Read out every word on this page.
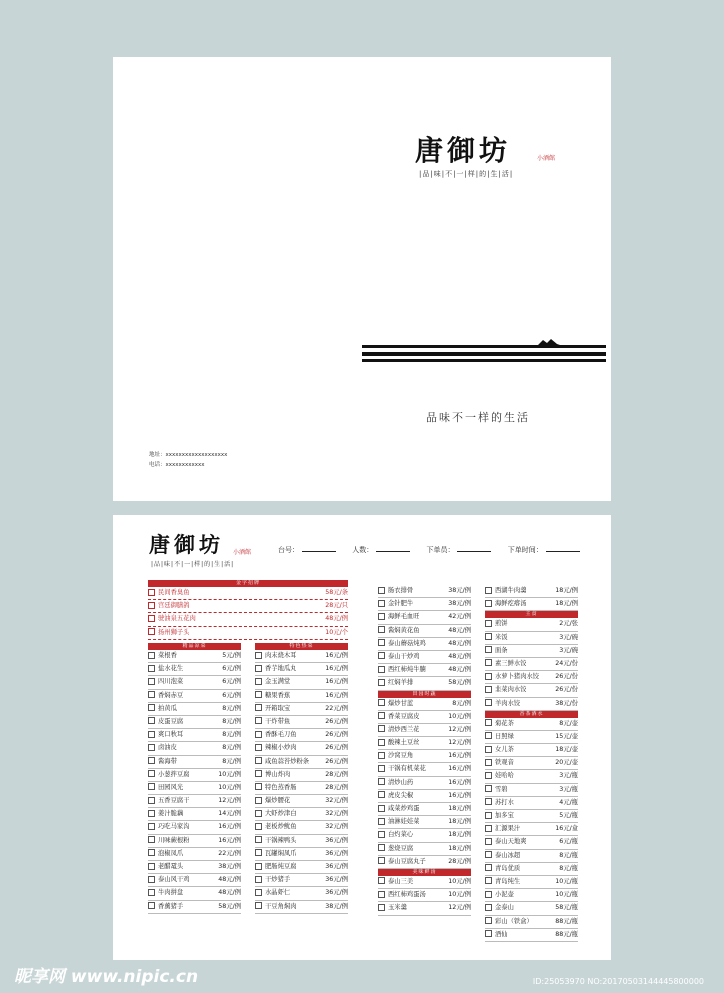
唐御坊	小酒館
|品|味|不|一|样|的|生|活|
品味不一样的生活
地址：xxxxxxxxxxxxxxxxxxx
电话：xxxxxxxxxxxx
唐御坊 小酒館
|品|味|不|一|样|的|生|活|
台号：	人数：	下单员：	下单时间：
金字招牌
民间香臭鱼	58元/条
宫廷御膳鸽	28元/只
驶油泉五花肉	48元/例
扬州狮子头	10元/个
精品凉菜
菜根香	5元/例
盐水花生	6元/例
四川泡菜	6元/例
香焖赤豆	6元/例
拍黄瓜	8元/例
皮蛋豆腐	8元/例
爽口秋耳	8元/例
卤油皮	8元/例
酱海带	8元/例
小葱拌豆腐	10元/例
田园风光	10元/例
五香豆腐干	12元/例
姜汁脆藕	14元/例
巧吃马家沟	16元/例
川味蕨根粉	16元/例
泡椒凤爪	22元/例
老醋鼋头	38元/例
泰山风干鸡	48元/例
牛肉拼盘	48元/例
香薰猪手	58元/例
特色热菜
肉末烧木耳	16元/例
香芋地瓜丸	16元/例
金玉满堂	16元/例
糖果香蕉	16元/例
开箱取宝	22元/例
干炸带鱼	26元/例
香酥毛刀鱼	26元/例
辣椒小炒肉	26元/例
咸鱼蒜苔炒粉条	26元/例
博山炸肉	28元/例
特色蒸香肠	28元/例
爆炒腰花	32元/例
大虾炒津白	32元/例
老板炒鱿鱼	32元/例
干锅辣鸭头	36元/例
瓦罐焖凤爪	36元/例
肥肠炖豆腐	36元/例
干炒猪手	36元/例
水晶虾仁	36元/例
干豆角焖肉	38元/例
肠衣排骨	38元/例
金针肥牛	38元/例
海鲜毛血旺	42元/例
酱焖黄花鱼	48元/例
泰山蘑菇炖鸡	48元/例
泰山干炒鸡	48元/例
西红柿炖牛腩	48元/例
红焖羊排	58元/例
田园时蔬
爆炒甘蓝	8元/例
香菜豆腐皮	10元/例
清炒西兰花	12元/例
酸辣土豆丝	12元/例
沙窝豆角	16元/例
干锅有机菜花	16元/例
清炒山药	16元/例
虎皮尖椒	16元/例
咸菜炒鸡蛋	18元/例
油淋娃娃菜	18元/例
白灼菜心	18元/例
葱烧豆腐	18元/例
泰山豆腐丸子	28元/例
美味鲜汤
泰山三美	10元/例
西红柿鸡蛋汤	10元/例
玉米羹	12元/例
西湖牛肉羹	18元/例
海鲜疙瘩汤	18元/例
主食
煎饼	2元/张
米饭	3元/碗
面条	3元/碗
素三鲜水饺	24元/份
水萝卜猪肉水饺	26元/份
韭菜肉水饺	26元/份
羊肉水饺	38元/份
香茶酒水
菊花茶	8元/壶
日照绿	15元/壶
女儿茶	18元/壶
铁观音	20元/壶
娃哈哈	3元/瓶
雪碧	3元/瓶
苏打水	4元/瓶
加多宝	5元/瓶
汇源果汁	16元/盒
泰山天地爽	6元/瓶
泰山冰超	8元/瓶
青岛优质	8元/瓶
青岛纯生	10元/瓶
小泥壶	10元/瓶
金泰山	58元/瓶
彩山（铁盒）	88元/瓶
酒仙	88元/瓶
昵享网 www.nipic.cn	ID:25053970 NO:20170503144445800000
